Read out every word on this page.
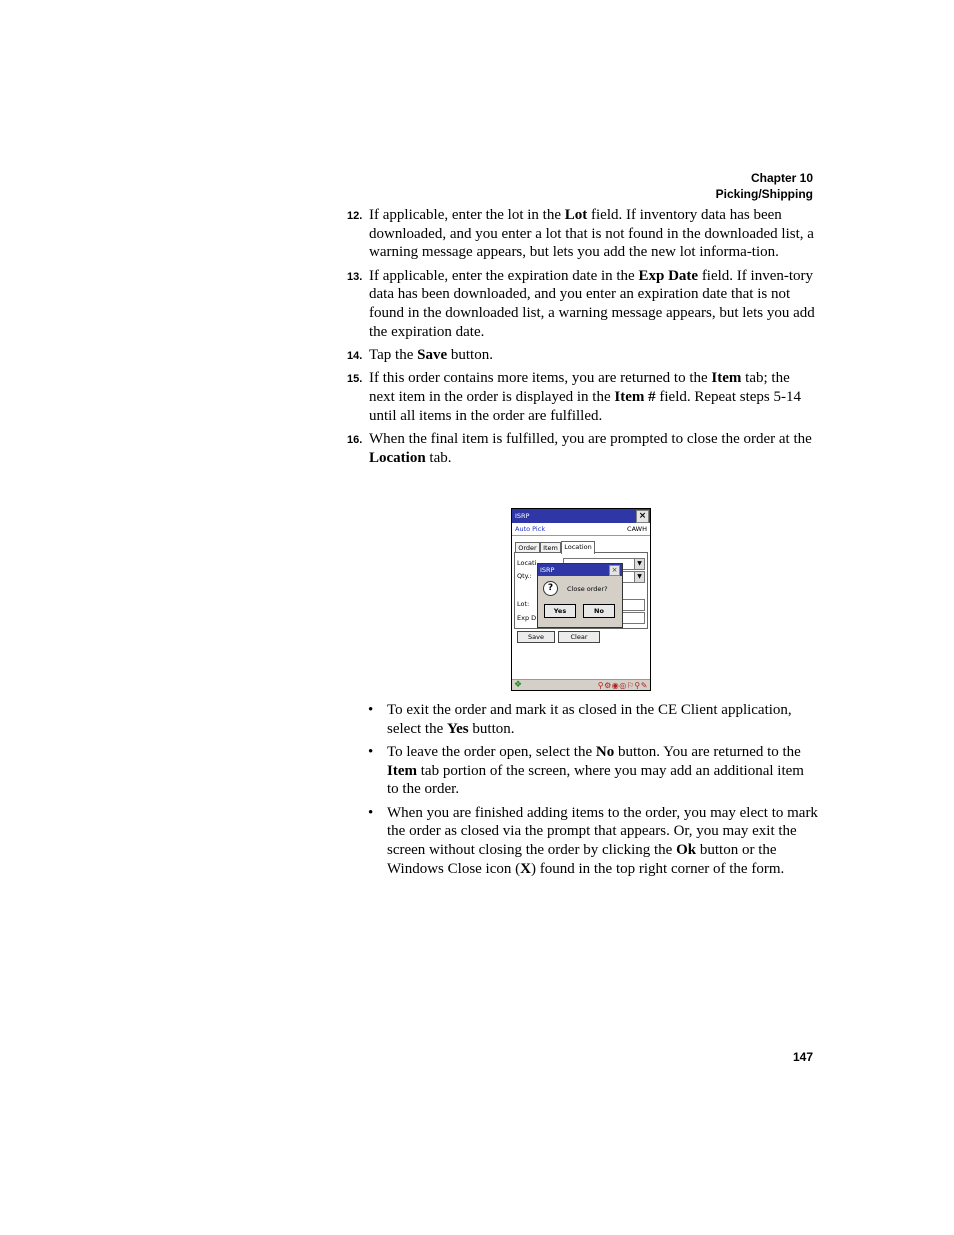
Chapter 10
Picking/Shipping
12. If applicable, enter the lot in the Lot field. If inventory data has been downloaded, and you enter a lot that is not found in the downloaded list, a warning message appears, but lets you add the new lot informa-tion.
13. If applicable, enter the expiration date in the Exp Date field. If inven-tory data has been downloaded, and you enter an expiration date that is not found in the downloaded list, a warning message appears, but lets you add the expiration date.
14. Tap the Save button.
15. If this order contains more items, you are returned to the Item tab; the next item in the order is displayed in the Item # field. Repeat steps 5-14 until all items in the order are fulfilled.
16. When the final item is fulfilled, you are prompted to close the order at the Location tab.
ISRP	×
Auto Pick	CAWH
Order Item Location
Locati	▼
Qty.:	▼
Lot:
Exp D
Save	Clear
ISRP	×
?	Close order?
Yes	No
❖	⚲⚙◉◎⚐⚲✎
• To exit the order and mark it as closed in the CE Client application, select the Yes button.
• To leave the order open, select the No button. You are returned to the Item tab portion of the screen, where you may add an additional item to the order.
• When you are finished adding items to the order, you may elect to mark the order as closed via the prompt that appears. Or, you may exit the screen without closing the order by clicking the Ok button or the Windows Close icon (X) found in the top right corner of the form.
147
